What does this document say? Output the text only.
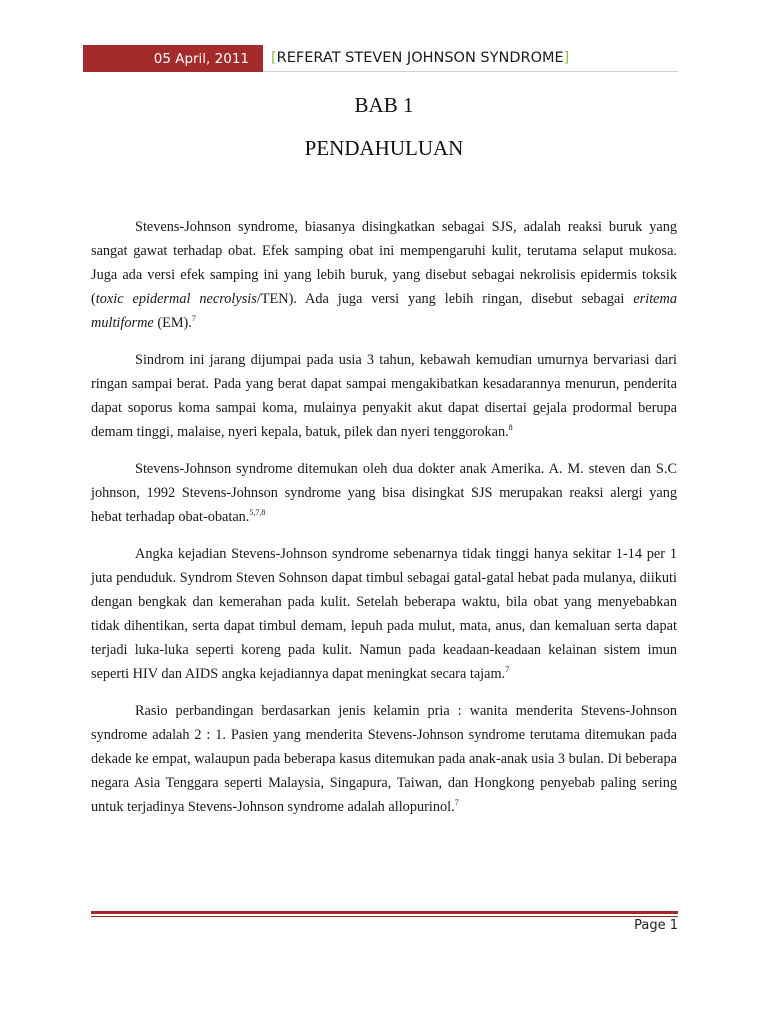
05 April, 2011	[ REFERAT STEVEN JOHNSON SYNDROME ]
BAB 1
PENDAHULUAN

Stevens-Johnson syndrome, biasanya disingkatkan sebagai SJS, adalah reaksi buruk yang sangat gawat terhadap obat. Efek samping obat ini mempengaruhi kulit, terutama selaput mukosa. Juga ada versi efek samping ini yang lebih buruk, yang disebut sebagai nekrolisis epidermis toksik (toxic epidermal necrolysis/TEN). Ada juga versi yang lebih ringan, disebut sebagai eritema multiforme (EM).$^7$

Sindrom ini jarang dijumpai pada usia 3 tahun, kebawah kemudian umurnya bervariasi dari ringan sampai berat. Pada yang berat dapat sampai mengakibatkan kesadarannya menurun, penderita dapat soporus koma sampai koma, mulainya penyakit akut dapat disertai gejala prodormal berupa demam tinggi, malaise, nyeri kepala, batuk, pilek dan nyeri tenggorokan.$^8$

Stevens-Johnson syndrome ditemukan oleh dua dokter anak Amerika. A. M. steven dan S.C johnson, 1992 Stevens-Johnson syndrome yang bisa disingkat SJS merupakan reaksi alergi yang hebat terhadap obat-obatan.$^{5,7,8}$

Angka kejadian Stevens-Johnson syndrome sebenarnya tidak tinggi hanya sekitar 1-14 per 1 juta penduduk. Syndrom Steven Sohnson dapat timbul sebagai gatal-gatal hebat pada mulanya, diikuti dengan bengkak dan kemerahan pada kulit. Setelah beberapa waktu, bila obat yang menyebabkan tidak dihentikan, serta dapat timbul demam, lepuh pada mulut, mata, anus, dan kemaluan serta dapat terjadi luka-luka seperti koreng pada kulit. Namun pada keadaan-keadaan kelainan sistem imun seperti HIV dan AIDS angka kejadiannya dapat meningkat secara tajam.$^7$

Rasio perbandingan berdasarkan jenis kelamin pria : wanita menderita Stevens-Johnson syndrome adalah 2 : 1. Pasien yang menderita Stevens-Johnson syndrome terutama ditemukan pada dekade ke empat, walaupun pada beberapa kasus ditemukan pada anak-anak usia 3 bulan. Di beberapa negara Asia Tenggara seperti Malaysia, Singapura, Taiwan, dan Hongkong penyebab paling sering untuk terjadinya Stevens-Johnson syndrome adalah allopurinol.$^7$

Page 1
